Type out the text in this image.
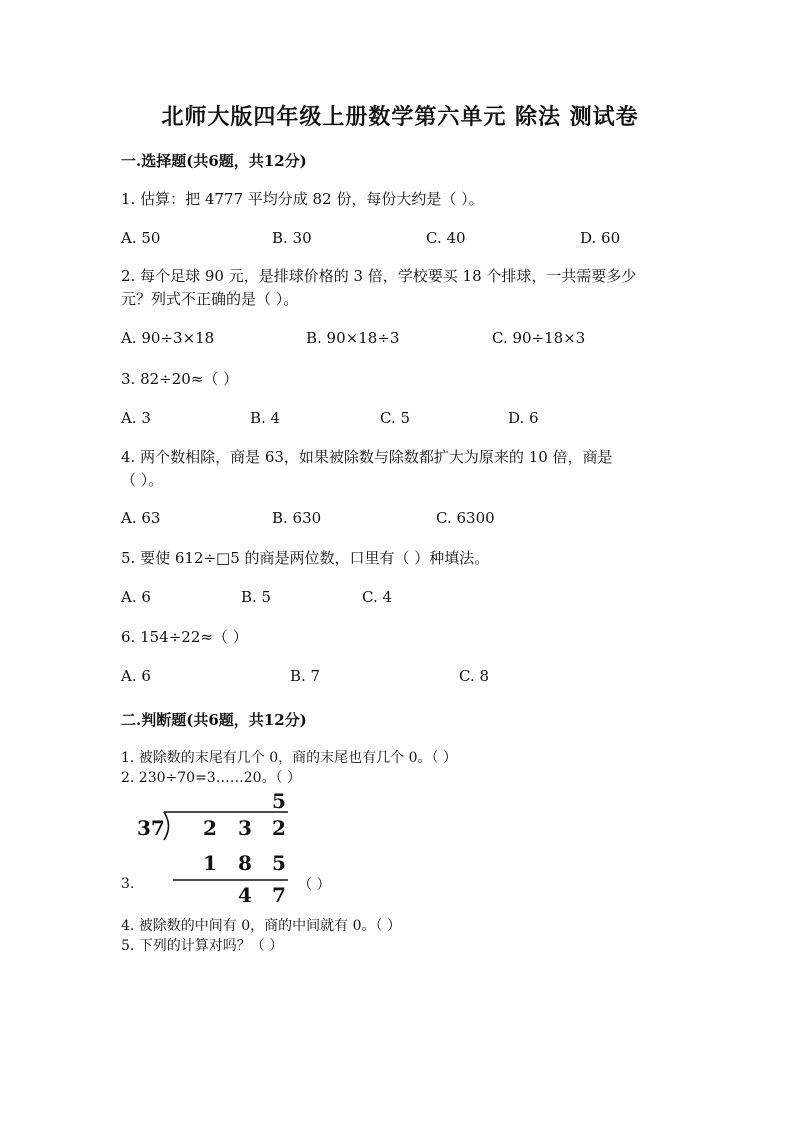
北师大版四年级上册数学第六单元 除法 测试卷
一.选择题(共6题，共12分)
1. 估算：把 4777 平均分成 82 份，每份大约是（ ）。
A. 50	B. 30	C. 40	D. 60
2. 每个足球 90 元，是排球价格的 3 倍，学校要买 18 个排球，一共需要多少
元？列式不正确的是（ ）。
A. 90÷3×18	B. 90×18÷3	C. 90÷18×3
3. 82÷20≈（ ）
A. 3	B. 4	C. 5	D. 6
4. 两个数相除，商是 63，如果被除数与除数都扩大为原来的 10 倍，商是
（ ）。
A. 63	B. 630	C. 6300
5. 要使 612÷□5 的商是两位数，口里有（ ）种填法。
A. 6	B. 5	C. 4
6. 154÷22≈（ ）
A. 6	B. 7	C. 8
二.判断题(共6题，共12分)
1. 被除数的末尾有几个 0，商的末尾也有几个 0。（ ）
2. 230÷70=3……20。（ ）
5
37 2 3 2
1 8 5
4 7
3.	（ ）
4. 被除数的中间有 0，商的中间就有 0。（ ）
5. 下列的计算对吗？（ ）
